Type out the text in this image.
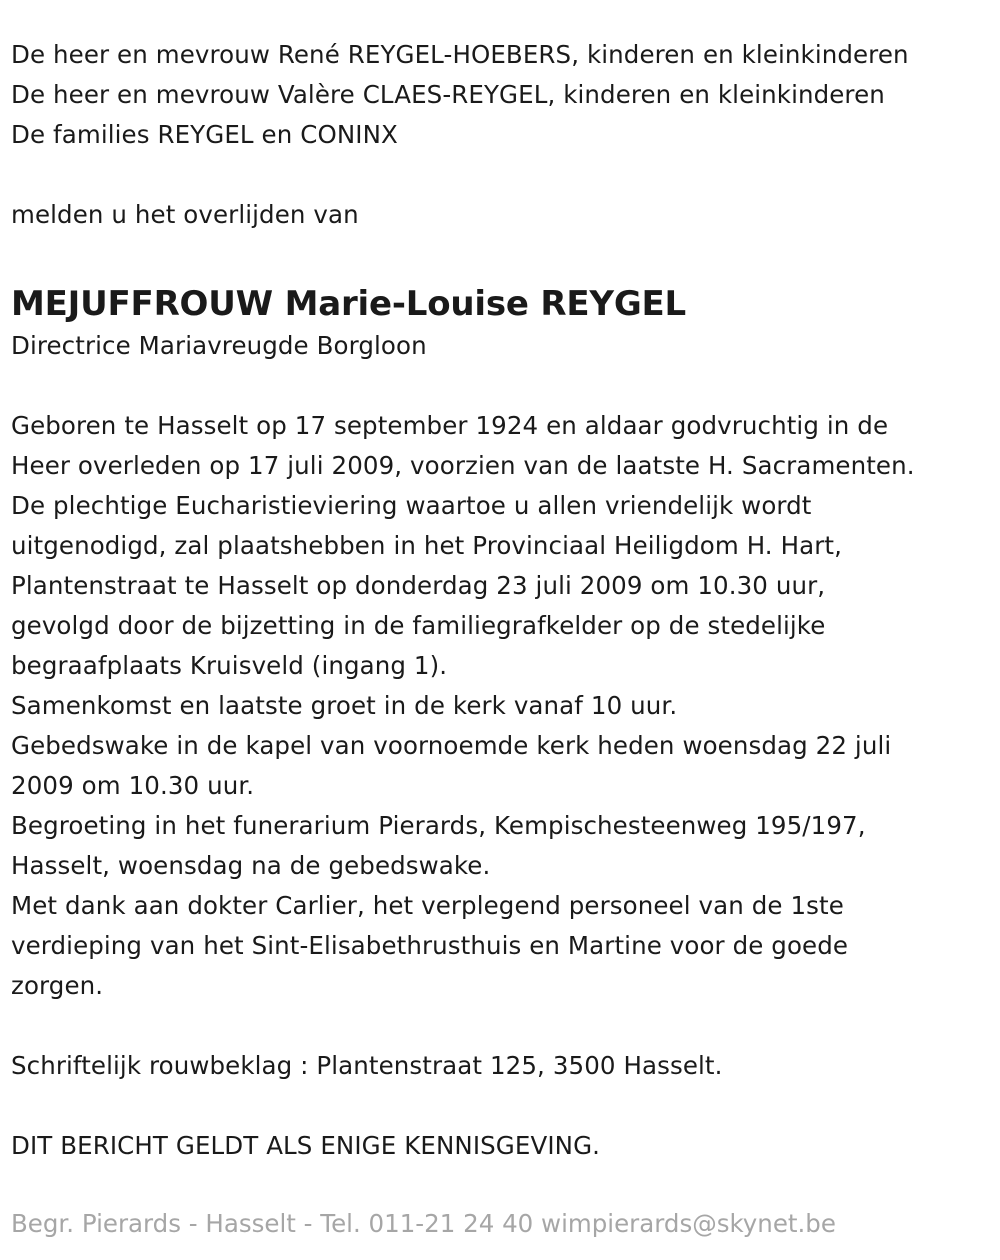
De heer en mevrouw René REYGEL-HOEBERS, kinderen en kleinkinderen
De heer en mevrouw Valère CLAES-REYGEL, kinderen en kleinkinderen
De families REYGEL en CONINX
melden u het overlijden van
MEJUFFROUW Marie-Louise REYGEL
Directrice Mariavreugde Borgloon
Geboren te Hasselt op 17 september 1924 en aldaar godvruchtig in de
Heer overleden op 17 juli 2009, voorzien van de laatste H. Sacramenten.
De plechtige Eucharistieviering waartoe u allen vriendelijk wordt
uitgenodigd, zal plaatshebben in het Provinciaal Heiligdom H. Hart,
Plantenstraat te Hasselt op donderdag 23 juli 2009 om 10.30 uur,
gevolgd door de bijzetting in de familiegrafkelder op de stedelijke
begraafplaats Kruisveld (ingang 1).
Samenkomst en laatste groet in de kerk vanaf 10 uur.
Gebedswake in de kapel van voornoemde kerk heden woensdag 22 juli
2009 om 10.30 uur.
Begroeting in het funerarium Pierards, Kempischesteenweg 195/197,
Hasselt, woensdag na de gebedswake.
Met dank aan dokter Carlier, het verplegend personeel van de 1ste
verdieping van het Sint-Elisabethrusthuis en Martine voor de goede
zorgen.
Schriftelijk rouwbeklag : Plantenstraat 125, 3500 Hasselt.
DIT BERICHT GELDT ALS ENIGE KENNISGEVING.
Begr. Pierards - Hasselt - Tel. 011-21 24 40 wimpierards@skynet.be
